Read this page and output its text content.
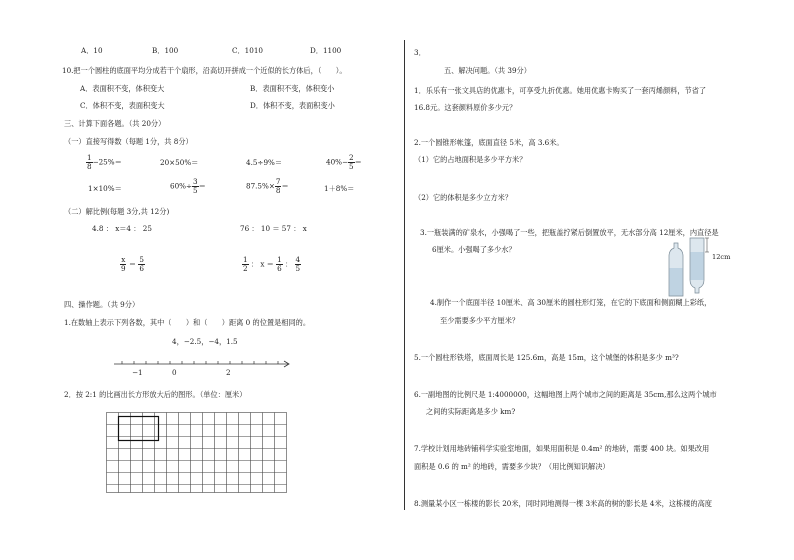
A．10	B．100	C．1010	D．1100
10.把一个圆柱的底面平均分成若干个扇形，沿高切开拼成一个近似的长方体后，（　　）。
A．表面积不变，体积变大	B．表面积不变，体积变小
C．体积不变，表面积变大	D．体积不变，表面积变小
三、计算下面各题。（共 20分）
（一）直接写得数（每题 1分，共 8分）
$\frac{1}{8} -25\%=$	20×50%＝	4.5÷9%＝	$40\%- \frac{2}{5}$ ＝
1×10%＝	$60\%\div \frac{3}{5}$ ＝	$87.5\%\times \frac{7}{8}$ ＝	1＋8%＝
（二）解比例(每题 3分,共 12分)
4.8 ： x＝4 ： 25	76 ： 10 ＝ 57 ： x
$\frac{x}{9} = \frac{5}{6}$	$\frac{1}{2}$ ： $x = \frac{1}{6}$ ： $\frac{4}{5}$
四、操作题。（共 9分）
1.在数轴上表示下列各数，其中（　　）和（　　）距离 0 的位置是相同的。
4，−2.5，−4，1.5
−1	0	2
2．按 2:1 的比画出长方形放大后的图形。（单位：厘米）
3．
五、解决问题。（共 39分）
1．乐乐有一张文具店的优惠卡，可享受九折优惠。她用优惠卡购买了一套丙烯颜料，节省了
16.8元。这套颜料原价多少元？
2.一个圆锥形帐篷，底面直径 5米，高 3.6米。
（1）它的占地面积是多少平方米？
（2）它的体积是多少立方米？
3.一瓶装满的矿泉水，小强喝了一些，把瓶盖拧紧后倒置放平，无水部分高 12厘米，内直径是
6厘米。小强喝了多少水？
12cm
4.制作一个底面半径 10厘米、高 30厘米的圆柱形灯笼，在它的下底面和侧面糊上彩纸，
至少需要多少平方厘米？
5.一个圆柱形铁塔，底面周长是 125.6m，高是 15m，这个城堡的体积是多少 m³?
6.一副地图的比例尺是 1:4000000，这幅地图上两个城市之间的距离是 35cm,那么这两个城市
之间的实际距离是多少 km?
7.学校计划用地砖铺科学实验室地面，如果用面积是 0.4m² 的地砖，需要 400 块。如果改用
面积是 0.6 的 m² 的地砖，需要多少块？（用比例知识解决）
8.测量某小区一栋楼的影长 20米，同时同地测得一棵 3米高的树的影长是 4米，这栋楼的高度
